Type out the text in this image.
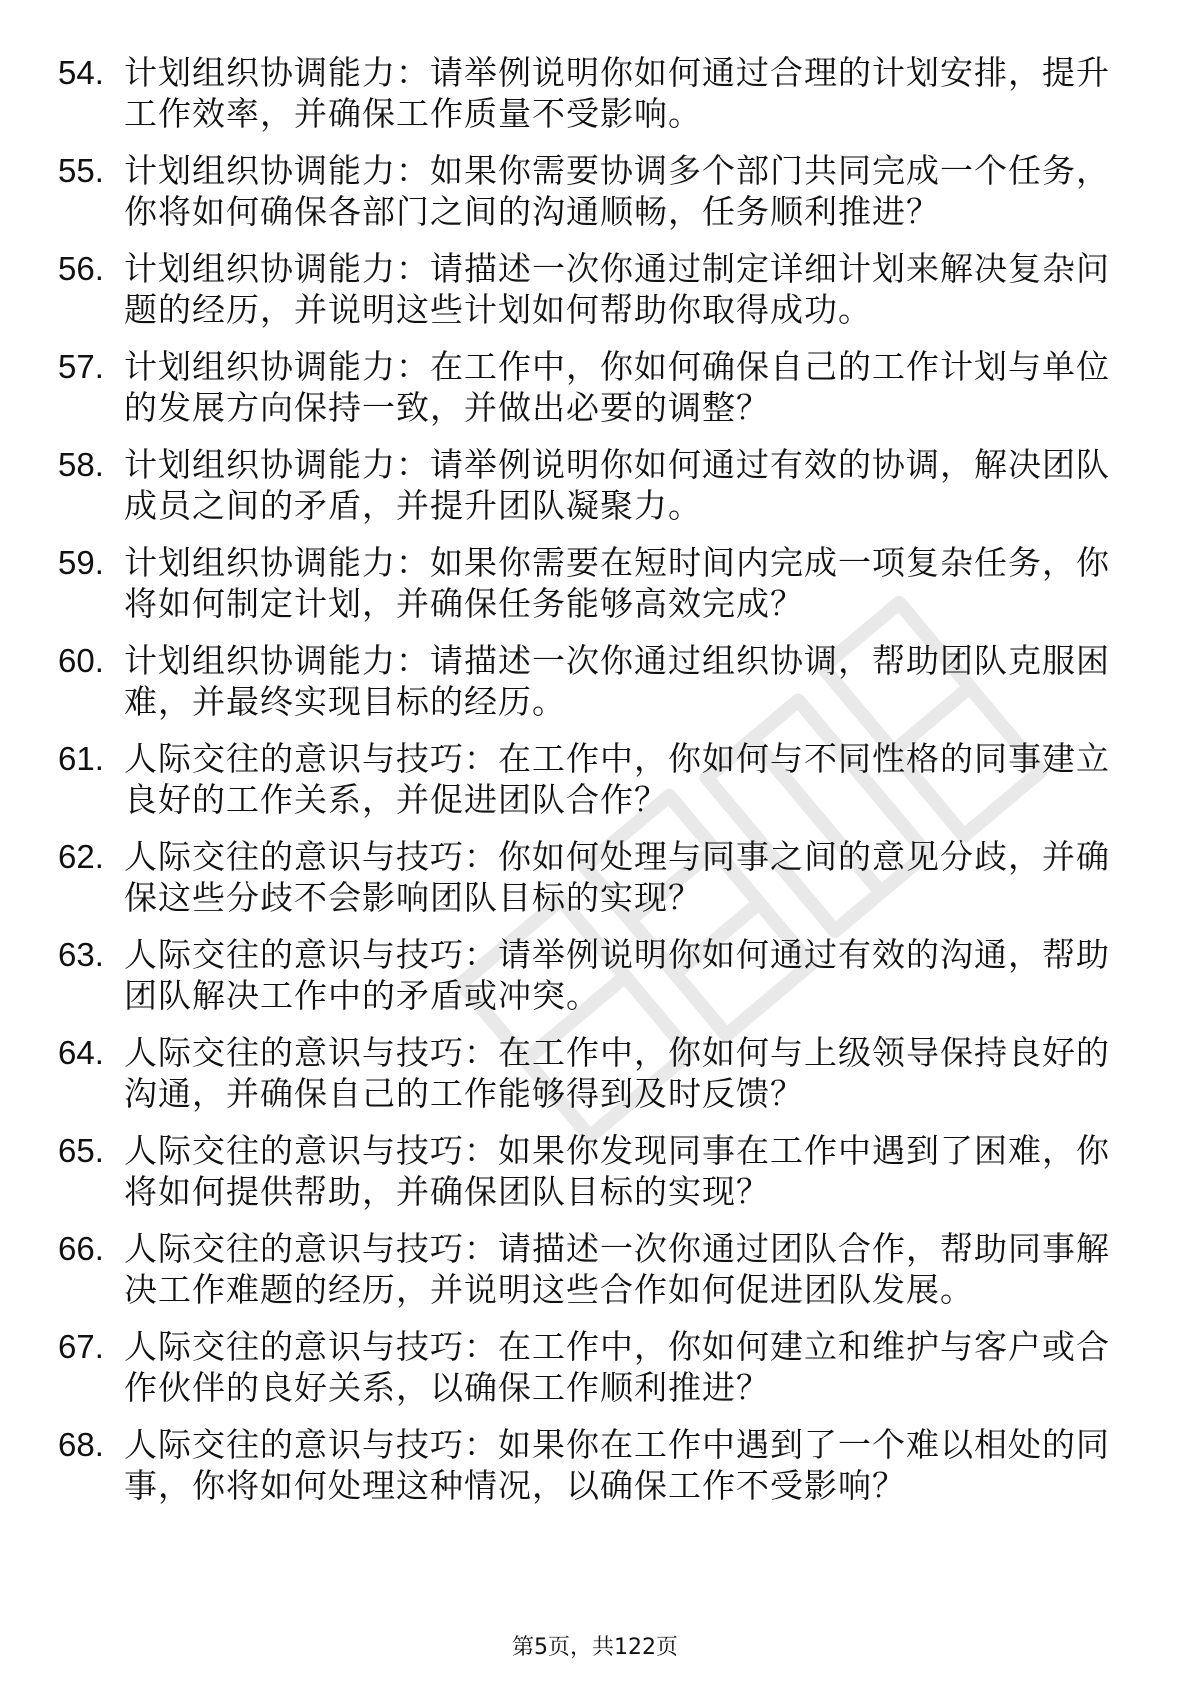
54. 计划组织协调能力：请举例说明你如何通过合理的计划安排，提升工作效率，并确保工作质量不受影响。
55. 计划组织协调能力：如果你需要协调多个部门共同完成一个任务，你将如何确保各部门之间的沟通顺畅，任务顺利推进？
56. 计划组织协调能力：请描述一次你通过制定详细计划来解决复杂问题的经历，并说明这些计划如何帮助你取得成功。
57. 计划组织协调能力：在工作中，你如何确保自己的工作计划与单位的发展方向保持一致，并做出必要的调整？
58. 计划组织协调能力：请举例说明你如何通过有效的协调，解决团队成员之间的矛盾，并提升团队凝聚力。
59. 计划组织协调能力：如果你需要在短时间内完成一项复杂任务，你将如何制定计划，并确保任务能够高效完成？
60. 计划组织协调能力：请描述一次你通过组织协调，帮助团队克服困难，并最终实现目标的经历。
61. 人际交往的意识与技巧：在工作中，你如何与不同性格的同事建立良好的工作关系，并促进团队合作？
62. 人际交往的意识与技巧：你如何处理与同事之间的意见分歧，并确保这些分歧不会影响团队目标的实现？
63. 人际交往的意识与技巧：请举例说明你如何通过有效的沟通，帮助团队解决工作中的矛盾或冲突。
64. 人际交往的意识与技巧：在工作中，你如何与上级领导保持良好的沟通，并确保自己的工作能够得到及时反馈？
65. 人际交往的意识与技巧：如果你发现同事在工作中遇到了困难，你将如何提供帮助，并确保团队目标的实现？
66. 人际交往的意识与技巧：请描述一次你通过团队合作，帮助同事解决工作难题的经历，并说明这些合作如何促进团队发展。
67. 人际交往的意识与技巧：在工作中，你如何建立和维护与客户或合作伙伴的良好关系，以确保工作顺利推进？
68. 人际交往的意识与技巧：如果你在工作中遇到了一个难以相处的同事，你将如何处理这种情况，以确保工作不受影响？
第5页，共122页
